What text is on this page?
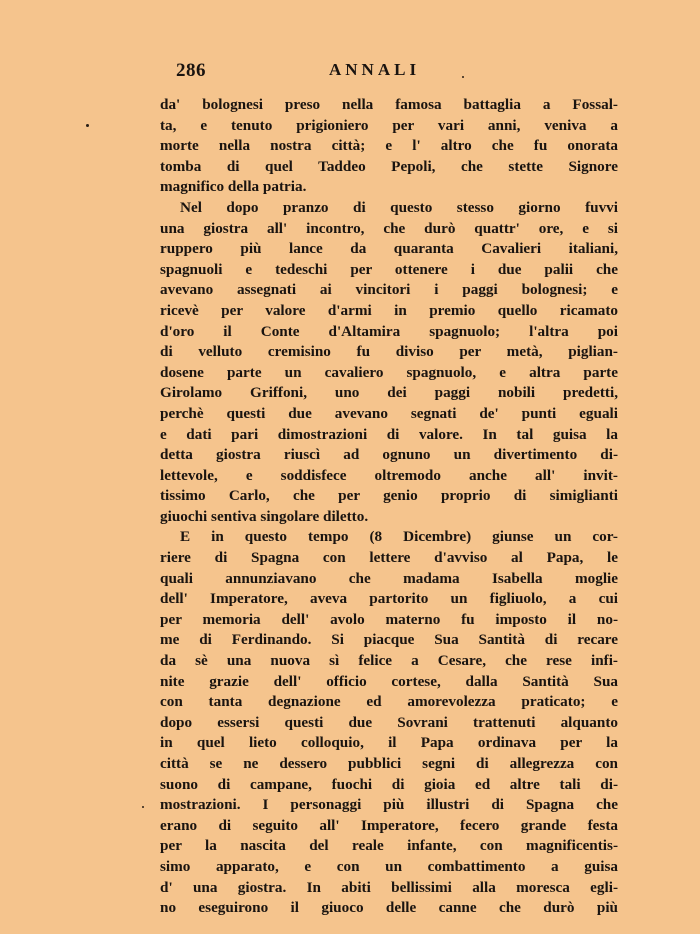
286	ANNALI
da' bolognesi preso nella famosa battaglia a Fossal-
ta, e tenuto prigioniero per vari anni, veniva a
morte nella nostra città; e l' altro che fu onorata
tomba di quel Taddeo Pepoli, che stette Signore
magnifico della patria.
Nel dopo pranzo di questo stesso giorno fuvvi
una giostra all' incontro, che durò quattr' ore, e si
ruppero più lance da quaranta Cavalieri italiani,
spagnuoli e tedeschi per ottenere i due palii che
avevano assegnati ai vincitori i paggi bolognesi; e
ricevè per valore d'armi in premio quello ricamato
d'oro il Conte d'Altamira spagnuolo; l'altra poi
di velluto cremisino fu diviso per metà, piglian-
dosene parte un cavaliero spagnuolo, e altra parte
Girolamo Griffoni, uno dei paggi nobili predetti,
perchè questi due avevano segnati de' punti eguali
e dati pari dimostrazioni di valore. In tal guisa la
detta giostra riuscì ad ognuno un divertimento di-
lettevole, e soddisfece oltremodo anche all' invit-
tissimo Carlo, che per genio proprio di simiglianti
giuochi sentiva singolare diletto.
E in questo tempo (8 Dicembre) giunse un cor-
riere di Spagna con lettere d'avviso al Papa, le
quali annunziavano che madama Isabella moglie
dell' Imperatore, aveva partorito un figliuolo, a cui
per memoria dell' avolo materno fu imposto il no-
me di Ferdinando. Si piacque Sua Santità di recare
da sè una nuova sì felice a Cesare, che rese infi-
nite grazie dell' officio cortese, dalla Santità Sua
con tanta degnazione ed amorevolezza praticato; e
dopo essersi questi due Sovrani trattenuti alquanto
in quel lieto colloquio, il Papa ordinava per la
città se ne dessero pubblici segni di allegrezza con
suono di campane, fuochi di gioia ed altre tali di-
mostrazioni. I personaggi più illustri di Spagna che
erano di seguito all' Imperatore, fecero grande festa
per la nascita del reale infante, con magnificentis-
simo apparato, e con un combattimento a guisa
d' una giostra. In abiti bellissimi alla moresca egli-
no eseguirono il giuoco delle canne che durò più
